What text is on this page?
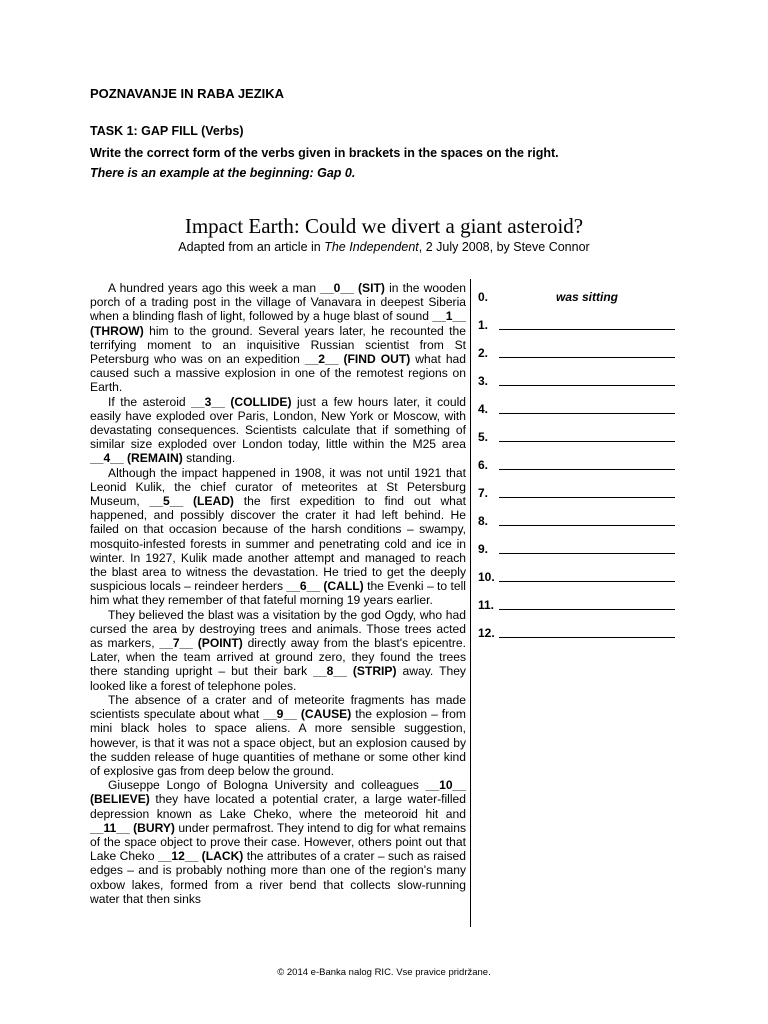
POZNAVANJE IN RABA JEZIKA
TASK 1: GAP FILL (Verbs)

Write the correct form of the verbs given in brackets in the spaces on the right.

There is an example at the beginning: Gap 0.

Impact Earth: Could we divert a giant asteroid?

Adapted from an article in The Independent, 2 July 2008, by Steve Connor

A hundred years ago this week a man __0__ (SIT) in the wooden porch of a trading post in the village of Vanavara in deepest Siberia when a blinding flash of light, followed by a huge blast of sound __1__ (THROW) him to the ground. Several years later, he recounted the terrifying moment to an inquisitive Russian scientist from St Petersburg who was on an expedition __2__ (FIND OUT) what had caused such a massive explosion in one of the remotest regions on Earth.

If the asteroid __3__ (COLLIDE) just a few hours later, it could easily have exploded over Paris, London, New York or Moscow, with devastating consequences. Scientists calculate that if something of similar size exploded over London today, little within the M25 area __4__ (REMAIN) standing.

Although the impact happened in 1908, it was not until 1921 that Leonid Kulik, the chief curator of meteorites at St Petersburg Museum, __5__ (LEAD) the first expedition to find out what happened, and possibly discover the crater it had left behind. He failed on that occasion because of the harsh conditions – swampy, mosquito-infested forests in summer and penetrating cold and ice in winter. In 1927, Kulik made another attempt and managed to reach the blast area to witness the devastation. He tried to get the deeply suspicious locals – reindeer herders __6__ (CALL) the Evenki – to tell him what they remember of that fateful morning 19 years earlier.

They believed the blast was a visitation by the god Ogdy, who had cursed the area by destroying trees and animals. Those trees acted as markers, __7__ (POINT) directly away from the blast's epicentre. Later, when the team arrived at ground zero, they found the trees there standing upright – but their bark __8__ (STRIP) away. They looked like a forest of telephone poles.

The absence of a crater and of meteorite fragments has made scientists speculate about what __9__ (CAUSE) the explosion – from mini black holes to space aliens. A more sensible suggestion, however, is that it was not a space object, but an explosion caused by the sudden release of huge quantities of methane or some other kind of explosive gas from deep below the ground.

Giuseppe Longo of Bologna University and colleagues __10__ (BELIEVE) they have located a potential crater, a large water-filled depression known as Lake Cheko, where the meteoroid hit and __11__ (BURY) under permafrost. They intend to dig for what remains of the space object to prove their case. However, others point out that Lake Cheko __12__ (LACK) the attributes of a crater – such as raised edges – and is probably nothing more than one of the region's many oxbow lakes, formed from a river bend that collects slow-running water that then sinks

0.	was sitting
1.
2.
3.
4.
5.
6.
7.
8.
9.
10.
11.
12.

© 2014 e-Banka nalog RIC. Vse pravice pridržane.
